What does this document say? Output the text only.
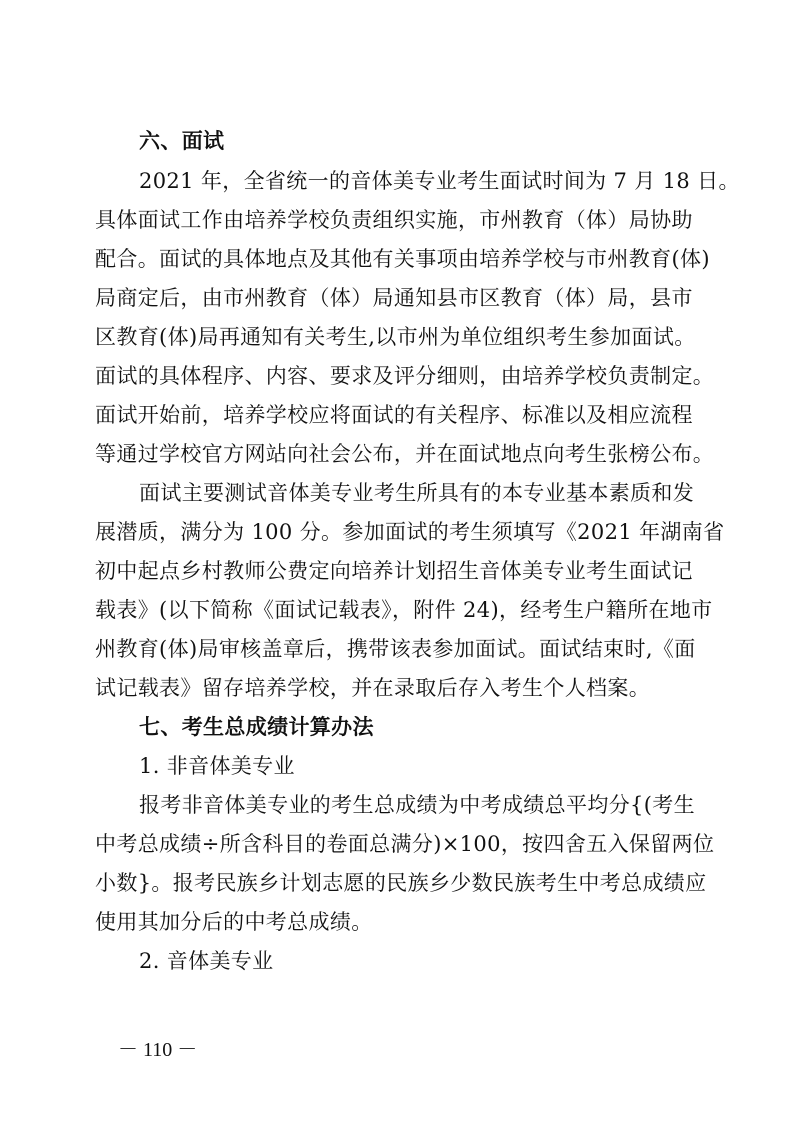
六、面试
2021 年，全省统一的音体美专业考生面试时间为 7 月 18 日。
具体面试工作由培养学校负责组织实施，市州教育（体）局协助
配合。面试的具体地点及其他有关事项由培养学校与市州教育(体)
局商定后，由市州教育（体）局通知县市区教育（体）局，县市
区教育(体)局再通知有关考生,以市州为单位组织考生参加面试。
面试的具体程序、内容、要求及评分细则，由培养学校负责制定。
面试开始前，培养学校应将面试的有关程序、标准以及相应流程
等通过学校官方网站向社会公布，并在面试地点向考生张榜公布。
面试主要测试音体美专业考生所具有的本专业基本素质和发
展潜质，满分为 100 分。参加面试的考生须填写《2021 年湖南省
初中起点乡村教师公费定向培养计划招生音体美专业考生面试记
载表》(以下简称《面试记载表》，附件 24)，经考生户籍所在地市
州教育(体)局审核盖章后，携带该表参加面试。面试结束时,《面
试记载表》留存培养学校，并在录取后存入考生个人档案。
七、考生总成绩计算办法
1. 非音体美专业
报考非音体美专业的考生总成绩为中考成绩总平均分{(考生
中考总成绩÷所含科目的卷面总满分)×100，按四舍五入保留两位
小数}。报考民族乡计划志愿的民族乡少数民族考生中考总成绩应
使用其加分后的中考总成绩。
2. 音体美专业
－ 110 －
